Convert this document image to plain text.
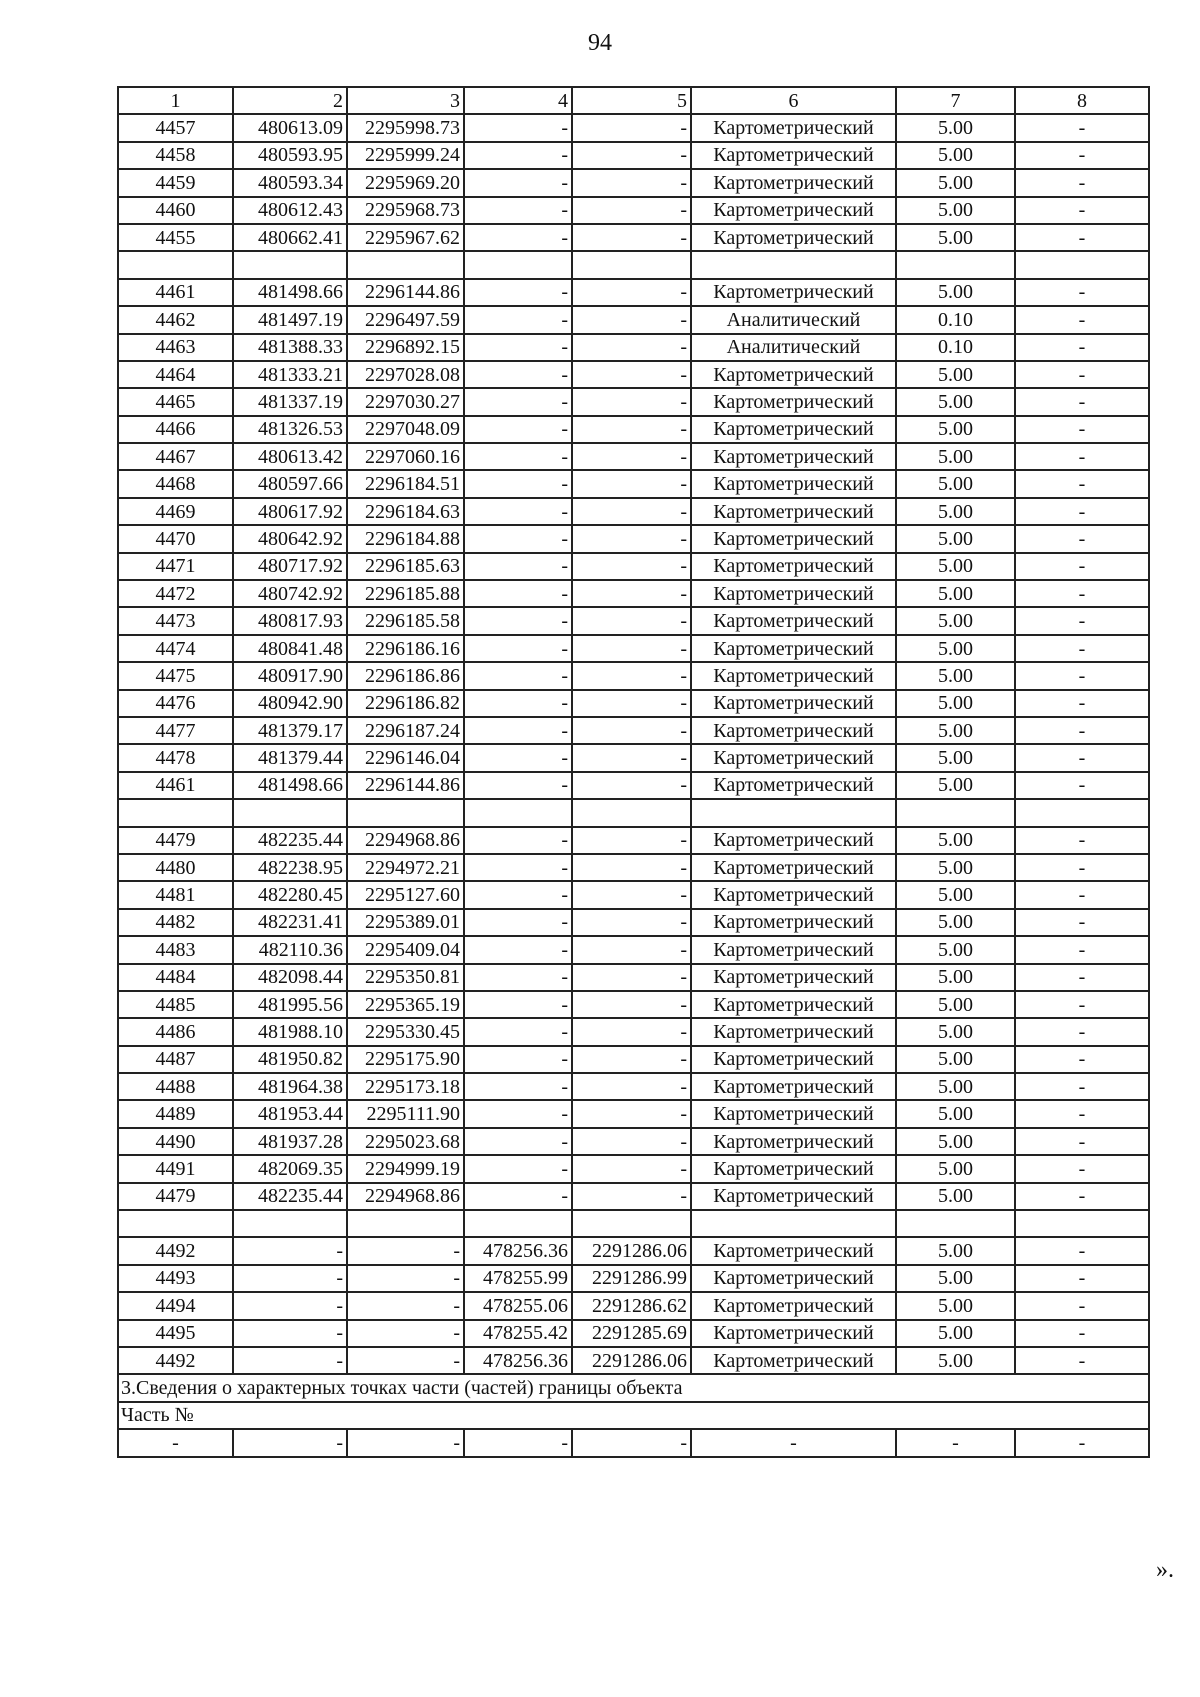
94
1	2	3	4	5	6	7	8
4457	480613.09	2295998.73	-	-	Картометрический	5.00	-
4458	480593.95	2295999.24	-	-	Картометрический	5.00	-
4459	480593.34	2295969.20	-	-	Картометрический	5.00	-
4460	480612.43	2295968.73	-	-	Картометрический	5.00	-
4455	480662.41	2295967.62	-	-	Картометрический	5.00	-

4461	481498.66	2296144.86	-	-	Картометрический	5.00	-
4462	481497.19	2296497.59	-	-	Аналитический	0.10	-
4463	481388.33	2296892.15	-	-	Аналитический	0.10	-
4464	481333.21	2297028.08	-	-	Картометрический	5.00	-
4465	481337.19	2297030.27	-	-	Картометрический	5.00	-
4466	481326.53	2297048.09	-	-	Картометрический	5.00	-
4467	480613.42	2297060.16	-	-	Картометрический	5.00	-
4468	480597.66	2296184.51	-	-	Картометрический	5.00	-
4469	480617.92	2296184.63	-	-	Картометрический	5.00	-
4470	480642.92	2296184.88	-	-	Картометрический	5.00	-
4471	480717.92	2296185.63	-	-	Картометрический	5.00	-
4472	480742.92	2296185.88	-	-	Картометрический	5.00	-
4473	480817.93	2296185.58	-	-	Картометрический	5.00	-
4474	480841.48	2296186.16	-	-	Картометрический	5.00	-
4475	480917.90	2296186.86	-	-	Картометрический	5.00	-
4476	480942.90	2296186.82	-	-	Картометрический	5.00	-
4477	481379.17	2296187.24	-	-	Картометрический	5.00	-
4478	481379.44	2296146.04	-	-	Картометрический	5.00	-
4461	481498.66	2296144.86	-	-	Картометрический	5.00	-

4479	482235.44	2294968.86	-	-	Картометрический	5.00	-
4480	482238.95	2294972.21	-	-	Картометрический	5.00	-
4481	482280.45	2295127.60	-	-	Картометрический	5.00	-
4482	482231.41	2295389.01	-	-	Картометрический	5.00	-
4483	482110.36	2295409.04	-	-	Картометрический	5.00	-
4484	482098.44	2295350.81	-	-	Картометрический	5.00	-
4485	481995.56	2295365.19	-	-	Картометрический	5.00	-
4486	481988.10	2295330.45	-	-	Картометрический	5.00	-
4487	481950.82	2295175.90	-	-	Картометрический	5.00	-
4488	481964.38	2295173.18	-	-	Картометрический	5.00	-
4489	481953.44	2295111.90	-	-	Картометрический	5.00	-
4490	481937.28	2295023.68	-	-	Картометрический	5.00	-
4491	482069.35	2294999.19	-	-	Картометрический	5.00	-
4479	482235.44	2294968.86	-	-	Картометрический	5.00	-

4492	-	-	478256.36	2291286.06	Картометрический	5.00	-
4493	-	-	478255.99	2291286.99	Картометрический	5.00	-
4494	-	-	478255.06	2291286.62	Картометрический	5.00	-
4495	-	-	478255.42	2291285.69	Картометрический	5.00	-
4492	-	-	478256.36	2291286.06	Картометрический	5.00	-
3.Сведения о характерных точках части (частей) границы объекта							
Часть №							
-	-	-	-	-	-	-	-
».
